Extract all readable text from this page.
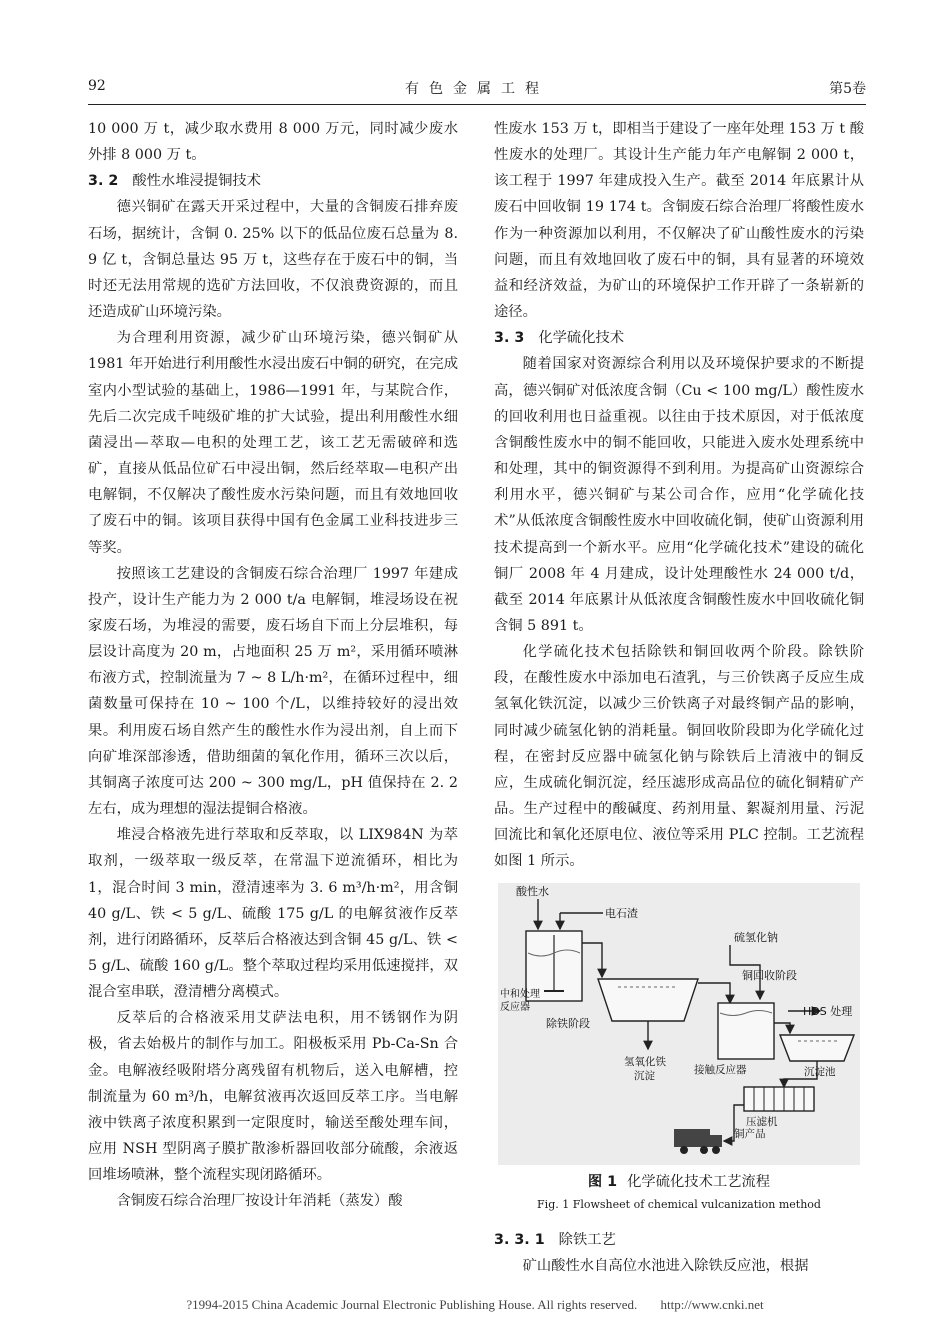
92	有色金属工程	第5卷

10 000 万 t，减少取水费用 8 000 万元，同时减少废水外排 8 000 万 t。

3. 2 酸性水堆浸提铜技术

德兴铜矿在露天开采过程中，大量的含铜废石排弃废石场，据统计，含铜 0. 25% 以下的低品位废石总量为 8. 9 亿 t，含铜总量达 95 万 t，这些存在于废石中的铜，当时还无法用常规的选矿方法回收，不仅浪费资源的，而且还造成矿山环境污染。

为合理利用资源，减少矿山环境污染，德兴铜矿从 1981 年开始进行利用酸性水浸出废石中铜的研究，在完成室内小型试验的基础上，1986—1991 年，与某院合作，先后二次完成千吨级矿堆的扩大试验，提出利用酸性水细菌浸出—萃取—电积的处理工艺，该工艺无需破碎和选矿，直接从低品位矿石中浸出铜，然后经萃取—电积产出电解铜，不仅解决了酸性废水污染问题，而且有效地回收了废石中的铜。该项目获得中国有色金属工业科技进步三等奖。

按照该工艺建设的含铜废石综合治理厂 1997 年建成投产，设计生产能力为 2 000 t/a 电解铜，堆浸场设在祝家废石场，为堆浸的需要，废石场自下而上分层堆积，每层设计高度为 20 m，占地面积 25 万 m²，采用循环喷淋布液方式，控制流量为 7 ~ 8 L/h·m²，在循环过程中，细菌数量可保持在 10 ~ 100 个/L，以维持较好的浸出效果。利用废石场自然产生的酸性水作为浸出剂，自上而下向矿堆深部渗透，借助细菌的氧化作用，循环三次以后，其铜离子浓度可达 200 ~ 300 mg/L，pH 值保持在 2. 2 左右，成为理想的湿法提铜合格液。

堆浸合格液先进行萃取和反萃取，以 LIX984N 为萃取剂，一级萃取一级反萃，在常温下逆流循环，相比为 1，混合时间 3 min，澄清速率为 3. 6 m³/h·m²，用含铜 40 g/L、铁 < 5 g/L、硫酸 175 g/L 的电解贫液作反萃剂，进行闭路循环，反萃后合格液达到含铜 45 g/L、铁 < 5 g/L、硫酸 160 g/L。整个萃取过程均采用低速搅拌，双混合室串联，澄清槽分离模式。

反萃后的合格液采用艾萨法电积，用不锈钢作为阴极，省去始极片的制作与加工。阳极板采用 Pb-Ca-Sn 合金。电解液经吸附塔分离残留有机物后，送入电解槽，控制流量为 60 m³/h，电解贫液再次返回反萃工序。当电解液中铁离子浓度积累到一定限度时，输送至酸处理车间，应用 NSH 型阴离子膜扩散渗析器回收部分硫酸，余液返回堆场喷淋，整个流程实现闭路循环。

含铜废石综合治理厂按设计年消耗（蒸发）酸

性废水 153 万 t，即相当于建设了一座年处理 153 万 t 酸性废水的处理厂。其设计生产能力年产电解铜 2 000 t，该工程于 1997 年建成投入生产。截至 2014 年底累计从废石中回收铜 19 174 t。含铜废石综合治理厂将酸性废水作为一种资源加以利用，不仅解决了矿山酸性废水的污染问题，而且有效地回收了废石中的铜，具有显著的环境效益和经济效益，为矿山的环境保护工作开辟了一条崭新的途径。

3. 3 化学硫化技术

随着国家对资源综合利用以及环境保护要求的不断提高，德兴铜矿对低浓度含铜（Cu < 100 mg/L）酸性废水的回收利用也日益重视。以往由于技术原因，对于低浓度含铜酸性废水中的铜不能回收，只能进入废水处理系统中和处理，其中的铜资源得不到利用。为提高矿山资源综合利用水平，德兴铜矿与某公司合作，应用“化学硫化技术”从低浓度含铜酸性废水中回收硫化铜，使矿山资源利用技术提高到一个新水平。应用“化学硫化技术”建设的硫化铜厂 2008 年 4 月建成，设计处理酸性水 24 000 t/d，截至 2014 年底累计从低浓度含铜酸性废水中回收硫化铜含铜 5 891 t。

化学硫化技术包括除铁和铜回收两个阶段。除铁阶段，在酸性废水中添加电石渣乳，与三价铁离子反应生成氢氧化铁沉淀，以减少三价铁离子对最终铜产品的影响，同时减少硫氢化钠的消耗量。铜回收阶段即为化学硫化过程，在密封反应器中硫氢化钠与除铁后上清液中的铜反应，生成硫化铜沉淀，经压滤形成高品位的硫化铜精矿产品。生产过程中的酸碱度、药剂用量、絮凝剂用量、污泥回流比和氧化还原电位、液位等采用 PLC 控制。工艺流程如图 1 所示。

酸性水
电石渣
硫氢化钠
中和处理
反应器
除铁阶段
铜回收阶段
HDS 处理
氢氧化铁
沉淀	接触反应器	沉淀池
压滤机
铜产品
图 1 化学硫化技术工艺流程
Fig. 1 Flowsheet of chemical vulcanization method
3. 3. 1 除铁工艺

矿山酸性水自高位水池进入除铁反应池，根据

?1994-2015 China Academic Journal Electronic Publishing House. All rights reserved. http://www.cnki.net
